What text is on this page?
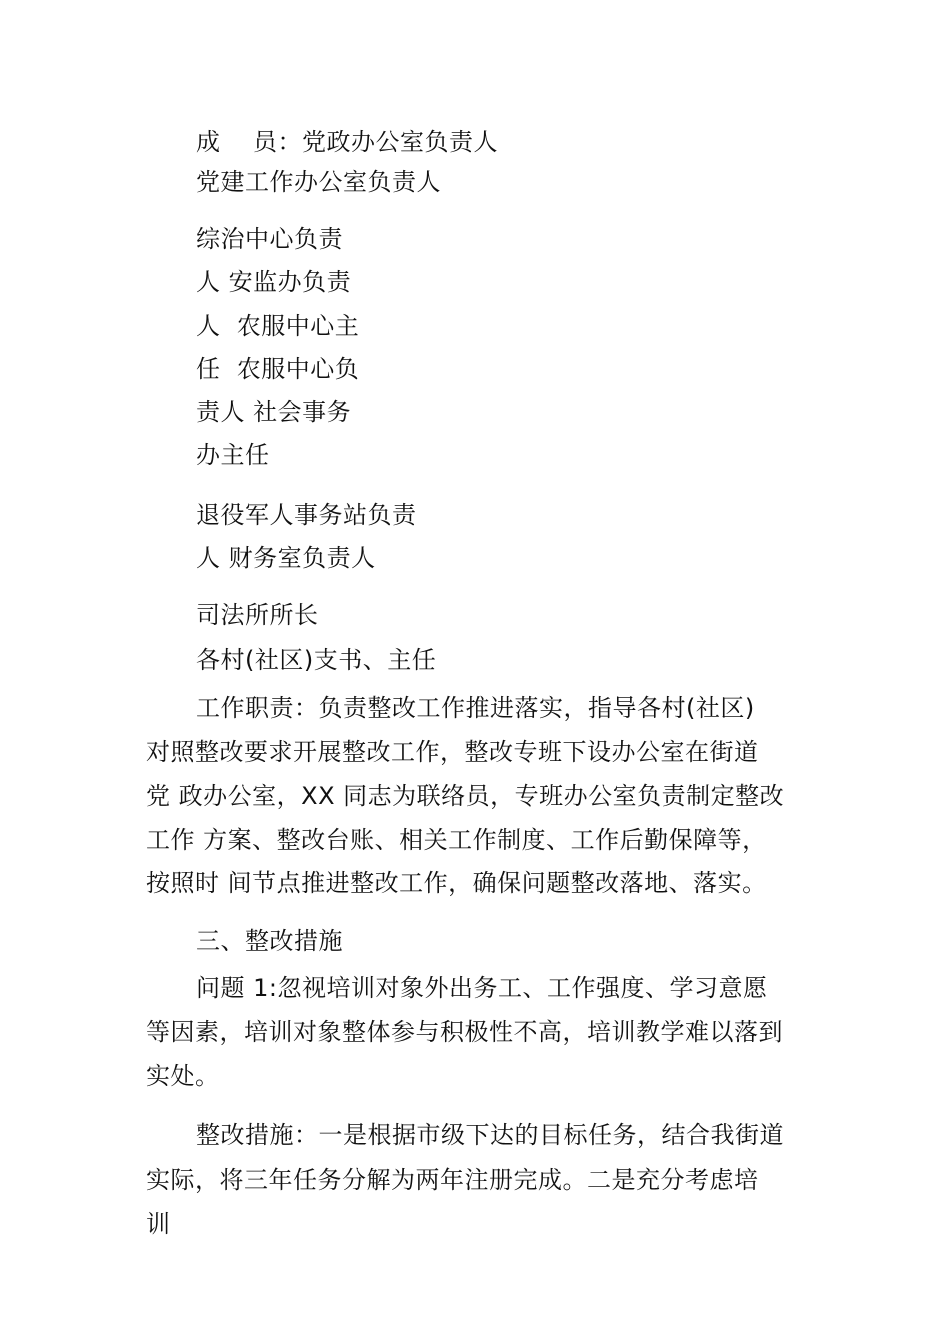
成    员：党政办公室负责人
党建工作办公室负责人
综治中心负责
人 安监办负责
人  农服中心主
任  农服中心负
责人 社会事务
办主任
退役军人事务站负责
人 财务室负责人
司法所所长
各村(社区)支书、主任
工作职责：负责整改工作推进落实，指导各村(社区)
对照整改要求开展整改工作，整改专班下设办公室在街道
党 政办公室，XX 同志为联络员，专班办公室负责制定整改
工作 方案、整改台账、相关工作制度、工作后勤保障等，
按照时 间节点推进整改工作，确保问题整改落地、落实。
三、整改措施
问题 1:忽视培训对象外出务工、工作强度、学习意愿
等因素，培训对象整体参与积极性不高，培训教学难以落到
实处。
整改措施：一是根据市级下达的目标任务，结合我街道
实际，将三年任务分解为两年注册完成。二是充分考虑培
训
